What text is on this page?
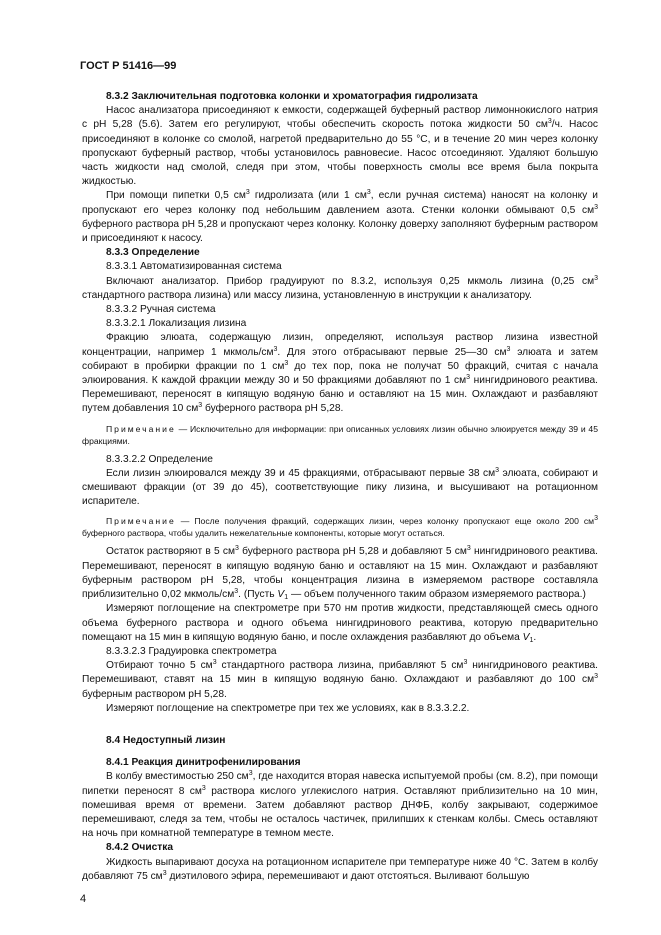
ГОСТ Р 51416—99

8.3.2 Заключительная подготовка колонки и хроматография гидролизата

Насос анализатора присоединяют к емкости, содержащей буферный раствор лимоннокислого натрия с pH 5,28 (5.6). Затем его регулируют, чтобы обеспечить скорость потока жидкости 50 $см^3/ч$. Насос присоединяют в колонке со смолой, нагретой предварительно до 55 °С, и в течение 20 мин через колонку пропускают буферный раствор, чтобы установилось равновесие. Насос отсоединяют. Удаляют большую часть жидкости над смолой, следя при этом, чтобы поверхность смолы все время была покрыта жидкостью.

При помощи пипетки 0,5 $см^3$ гидролизата (или 1 $см^3$, если ручная система) наносят на колонку и пропускают его через колонку под небольшим давлением азота. Стенки колонки обмывают 0,5 $см^3$ буферного раствора pH 5,28 и пропускают через колонку. Колонку доверху заполняют буферным раствором и присоединяют к насосу.

8.3.3 Определение

8.3.3.1 Автоматизированная система

Включают анализатор. Прибор градуируют по 8.3.2, используя 0,25 мкмоль лизина (0,25 $см^3$ стандартного раствора лизина) или массу лизина, установленную в инструкции к анализатору.

8.3.3.2 Ручная система

8.3.3.2.1 Локализация лизина

Фракцию элюата, содержащую лизин, определяют, используя раствор лизина известной концентрации, например 1 мкмоль/$см^3$. Для этого отбрасывают первые 25—30 $см^3$ элюата и затем собирают в пробирки фракции по 1 $см^3$ до тех пор, пока не получат 50 фракций, считая с начала элюирования. К каждой фракции между 30 и 50 фракциями добавляют по 1 $см^3$ нингидринового реактива. Перемешивают, переносят в кипящую водяную баню и оставляют на 15 мин. Охлаждают и разбавляют путем добавления 10 $см^3$ буферного раствора pH 5,28.

Примечание — Исключительно для информации: при описанных условиях лизин обычно элюируется между 39 и 45 фракциями.

8.3.3.2.2 Определение

Если лизин элюировался между 39 и 45 фракциями, отбрасывают первые 38 $см^3$ элюата, собирают и смешивают фракции (от 39 до 45), соответствующие пику лизина, и высушивают на ротационном испарителе.

Примечание — После получения фракций, содержащих лизин, через колонку пропускают еще около 200 $см^3$ буферного раствора, чтобы удалить нежелательные компоненты, которые могут остаться.

Остаток растворяют в 5 $см^3$ буферного раствора pH 5,28 и добавляют 5 $см^3$ нингидринового реактива. Перемешивают, переносят в кипящую водяную баню и оставляют на 15 мин. Охлаждают и разбавляют буферным раствором pH 5,28, чтобы концентрация лизина в измеряемом растворе составляла приблизительно 0,02 мкмоль/$см^3$. (Пусть $V_1$ — объем полученного таким образом измеряемого раствора.)

Измеряют поглощение на спектрометре при 570 нм против жидкости, представляющей смесь одного объема буферного раствора и одного объема нингидринового реактива, которую предварительно помещают на 15 мин в кипящую водяную баню, и после охлаждения разбавляют до объема $V_1$.

8.3.3.2.3 Градуировка спектрометра

Отбирают точно 5 $см^3$ стандартного раствора лизина, прибавляют 5 $см^3$ нингидринового реактива. Перемешивают, ставят на 15 мин в кипящую водяную баню. Охлаждают и разбавляют до 100 $см^3$ буферным раствором pH 5,28.

Измеряют поглощение на спектрометре при тех же условиях, как в 8.3.3.2.2.

8.4 Недоступный лизин

8.4.1 Реакция динитрофенилирования

В колбу вместимостью 250 $см^3$, где находится вторая навеска испытуемой пробы (см. 8.2), при помощи пипетки переносят 8 $см^3$ раствора кислого углекислого натрия. Оставляют приблизительно на 10 мин, помешивая время от времени. Затем добавляют раствор ДНФБ, колбу закрывают, содержимое перемешивают, следя за тем, чтобы не осталось частичек, прилипших к стенкам колбы. Смесь оставляют на ночь при комнатной температуре в темном месте.

8.4.2 Очистка

Жидкость выпаривают досуха на ротационном испарителе при температуре ниже 40 °С. Затем в колбу добавляют 75 $см^3$ диэтилового эфира, перемешивают и дают отстояться. Выливают большую

4
